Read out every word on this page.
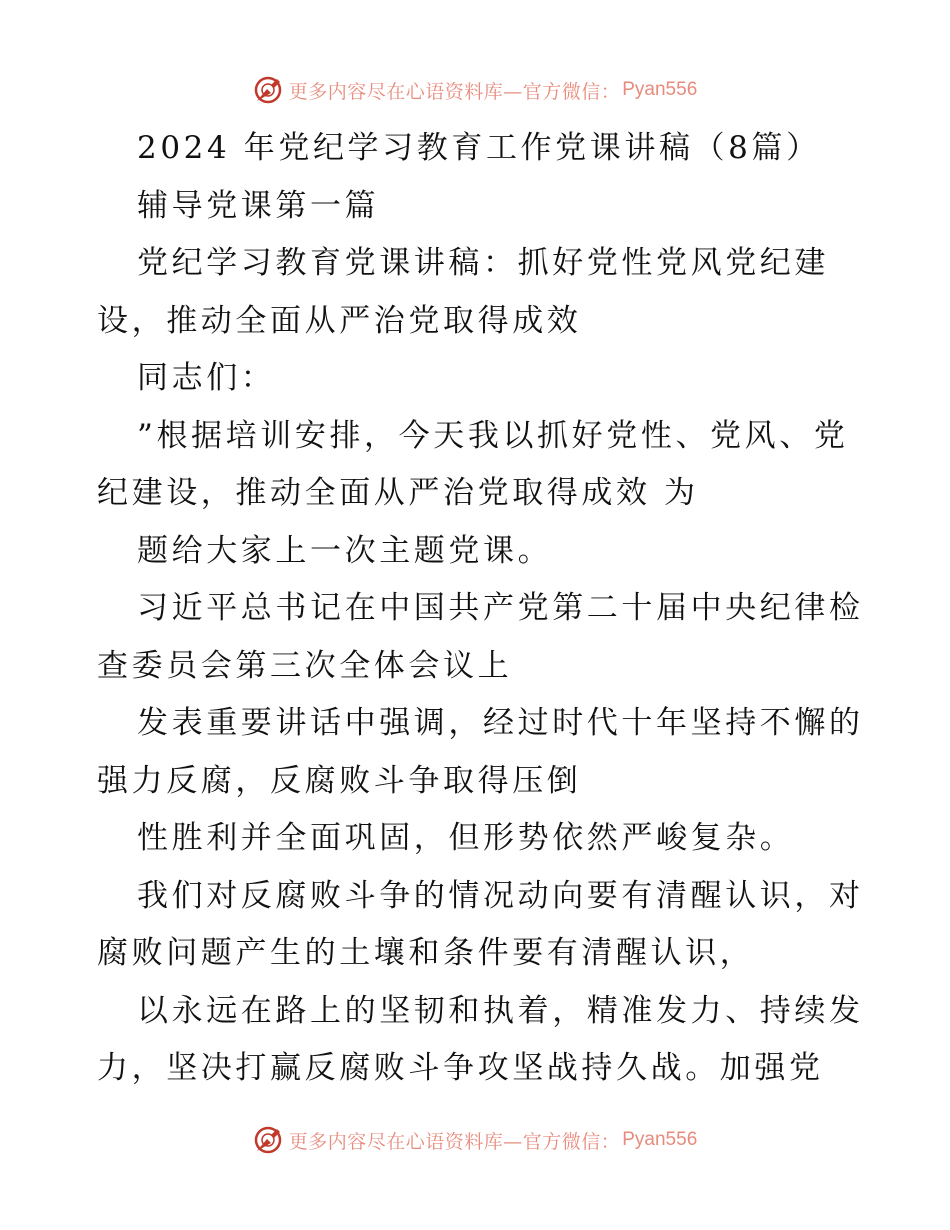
更多内容尽在心语资料库—官方微信： Pyan556
2024 年党纪学习教育工作党课讲稿（8篇）
辅导党课第一篇
党纪学习教育党课讲稿：抓好党性党风党纪建
设，推动全面从严治党取得成效
同志们：
”根据培训安排，今天我以抓好党性、党风、党
纪建设，推动全面从严治党取得成效 为
题给大家上一次主题党课。
习近平总书记在中国共产党第二十届中央纪律检
查委员会第三次全体会议上
发表重要讲话中强调，经过时代十年坚持不懈的
强力反腐，反腐败斗争取得压倒
性胜利并全面巩固，但形势依然严峻复杂。
我们对反腐败斗争的情况动向要有清醒认识，对
腐败问题产生的土壤和条件要有清醒认识，
以永远在路上的坚韧和执着，精准发力、持续发
力，坚决打赢反腐败斗争攻坚战持久战。加强党
更多内容尽在心语资料库—官方微信： Pyan556
